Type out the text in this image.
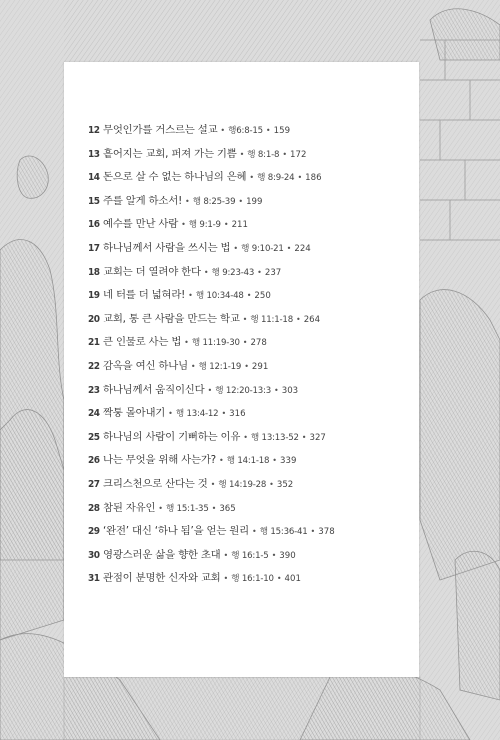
12 무엇인가를 거스르는 설교 • 행6:8-15 • 159
13 흩어지는 교회, 퍼져 가는 기쁨 • 행 8:1-8 • 172
14 돈으로 살 수 없는 하나님의 은혜 • 행 8:9-24 • 186
15 주를 알게 하소서! • 행 8:25-39 • 199
16 예수를 만난 사람 • 행 9:1-9 • 211
17 하나님께서 사람을 쓰시는 법 • 행 9:10-21 • 224
18 교회는 더 열려야 한다 • 행 9:23-43 • 237
19 네 터를 더 넓혀라! • 행 10:34-48 • 250
20 교회, 통 큰 사람을 만드는 학교 • 행 11:1-18 • 264
21 큰 인물로 사는 법 • 행 11:19-30 • 278
22 감옥을 여신 하나님 • 행 12:1-19 • 291
23 하나님께서 움직이신다 • 행 12:20-13:3 • 303
24 짝퉁 몰아내기 • 행 13:4-12 • 316
25 하나님의 사람이 기뻐하는 이유 • 행 13:13-52 • 327
26 나는 무엇을 위해 사는가? • 행 14:1-18 • 339
27 크리스천으로 산다는 것 • 행 14:19-28 • 352
28 참된 자유인 • 행 15:1-35 • 365
29 ‘완전’ 대신 ‘하나 됨’을 얻는 원리 • 행 15:36-41 • 378
30 영광스러운 삶을 향한 초대 • 행 16:1-5 • 390
31 관점이 분명한 신자와 교회 • 행 16:1-10 • 401
